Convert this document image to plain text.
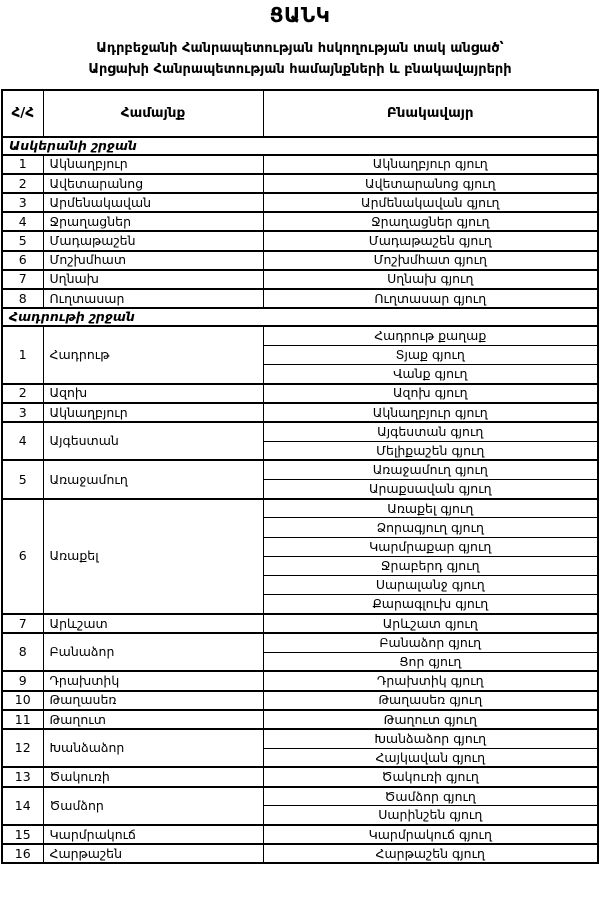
ՑԱՆԿ
Ադրբեջանի Հանրապետության հսկողության տակ անցած՝
Արցախի Հանրապետության համայնքների և բնակավայրերի
Հ/Հ	Համայնք	Բնակավայր
Ասկերանի շրջան		
1	Ակնաղբյուր	Ակնաղբյուր գյուղ
2	Ավետարանոց	Ավետարանոց գյուղ
3	Արմենակավան	Արմենակավան գյուղ
4	Ջրաղացներ	Ջրաղացներ գյուղ
5	Մադաթաշեն	Մադաթաշեն գյուղ
6	Մոշխմհատ	Մոշխմհատ գյուղ
7	Սղնախ	Սղնախ գյուղ
8	Ուղտասար	Ուղտասար գյուղ
Հադրութի շրջան		
1	Հադրութ	Հադրութ քաղաք
		Տյաք գյուղ
		Վանք գյուղ
2	Ազոխ	Ազոխ գյուղ
3	Ակնաղբյուր	Ակնաղբյուր գյուղ
4	Այգեստան	Այգեստան գյուղ
		Մելիքաշեն գյուղ
5	Առաջամուղ	Առաջամուղ գյուղ
		Արաքսավան գյուղ
6	Առաքել	Առաքել գյուղ
		Ձորագյուղ գյուղ
		Կարմրաքար գյուղ
		Ջրաբերդ գյուղ
		Սարալանջ գյուղ
		Քարագլուխ գյուղ
7	Արևշատ	Արևշատ գյուղ
8	Բանաձոր	Բանաձոր գյուղ
		Ցոր գյուղ
9	Դրախտիկ	Դրախտիկ գյուղ
10	Թաղասեռ	Թաղասեռ գյուղ
11	Թաղուտ	Թաղուտ գյուղ
12	Խանձաձոր	Խանձաձոր գյուղ
		Հայկավան գյուղ
13	Ծակուռի	Ծակուռի գյուղ
14	Ծամձոր	Ծամձոր գյուղ
		Սարինշեն գյուղ
15	Կարմրակուճ	Կարմրակուճ գյուղ
16	Հարթաշեն	Հարթաշեն գյուղ
